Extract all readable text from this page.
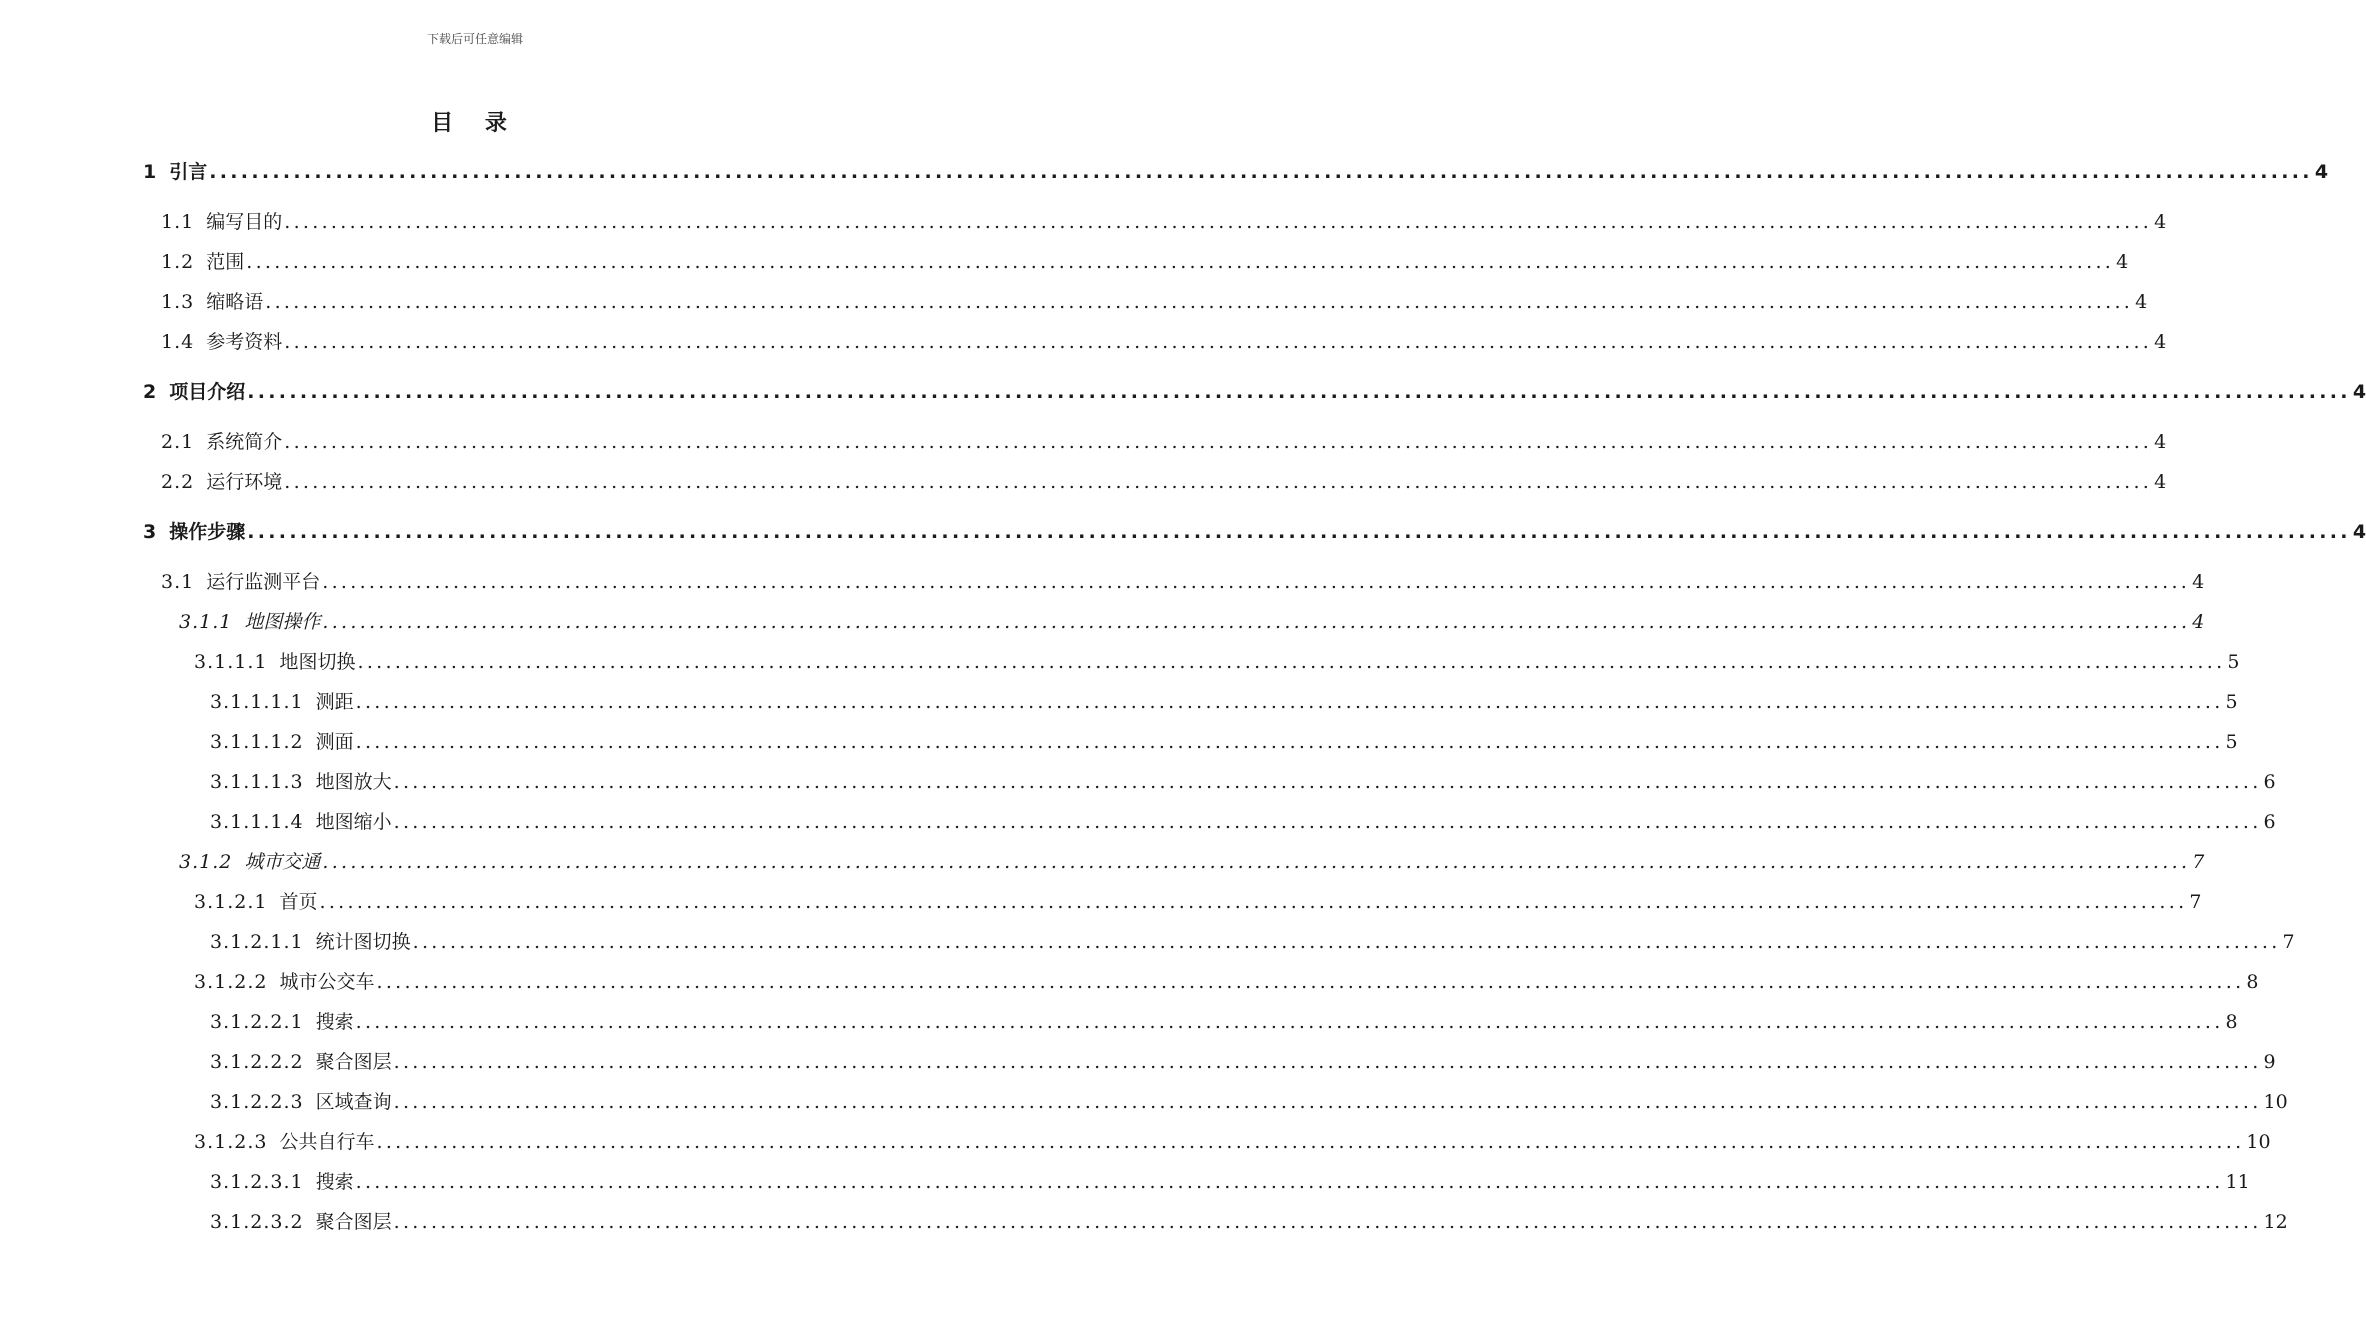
下载后可任意编辑
目 录
1 引言 ........................................................................................................................................................................................................ 4
1.1 编写目的 ........................................................................................................................................................................................................ 4
1.2 范围 ........................................................................................................................................................................................................ 4
1.3 缩略语 ........................................................................................................................................................................................................ 4
1.4 参考资料 ........................................................................................................................................................................................................ 4
2 项目介绍 ........................................................................................................................................................................................................ 4
2.1 系统简介 ........................................................................................................................................................................................................ 4
2.2 运行环境 ........................................................................................................................................................................................................ 4
3 操作步骤 ........................................................................................................................................................................................................ 4
3.1 运行监测平台 ........................................................................................................................................................................................................ 4
3.1.1 地图操作 ........................................................................................................................................................................................................ 4
3.1.1.1 地图切换 ........................................................................................................................................................................................................ 5
3.1.1.1.1 测距 ........................................................................................................................................................................................................ 5
3.1.1.1.2 测面 ........................................................................................................................................................................................................ 5
3.1.1.1.3 地图放大 ........................................................................................................................................................................................................ 6
3.1.1.1.4 地图缩小 ........................................................................................................................................................................................................ 6
3.1.2 城市交通 ........................................................................................................................................................................................................ 7
3.1.2.1 首页 ........................................................................................................................................................................................................ 7
3.1.2.1.1 统计图切换 ........................................................................................................................................................................................................ 7
3.1.2.2 城市公交车 ........................................................................................................................................................................................................ 8
3.1.2.2.1 搜索 ........................................................................................................................................................................................................ 8
3.1.2.2.2 聚合图层 ........................................................................................................................................................................................................ 9
3.1.2.2.3 区域查询 ........................................................................................................................................................................................................ 10
3.1.2.3 公共自行车 ........................................................................................................................................................................................................ 10
3.1.2.3.1 搜索 ........................................................................................................................................................................................................ 11
3.1.2.3.2 聚合图层 ........................................................................................................................................................................................................ 12
